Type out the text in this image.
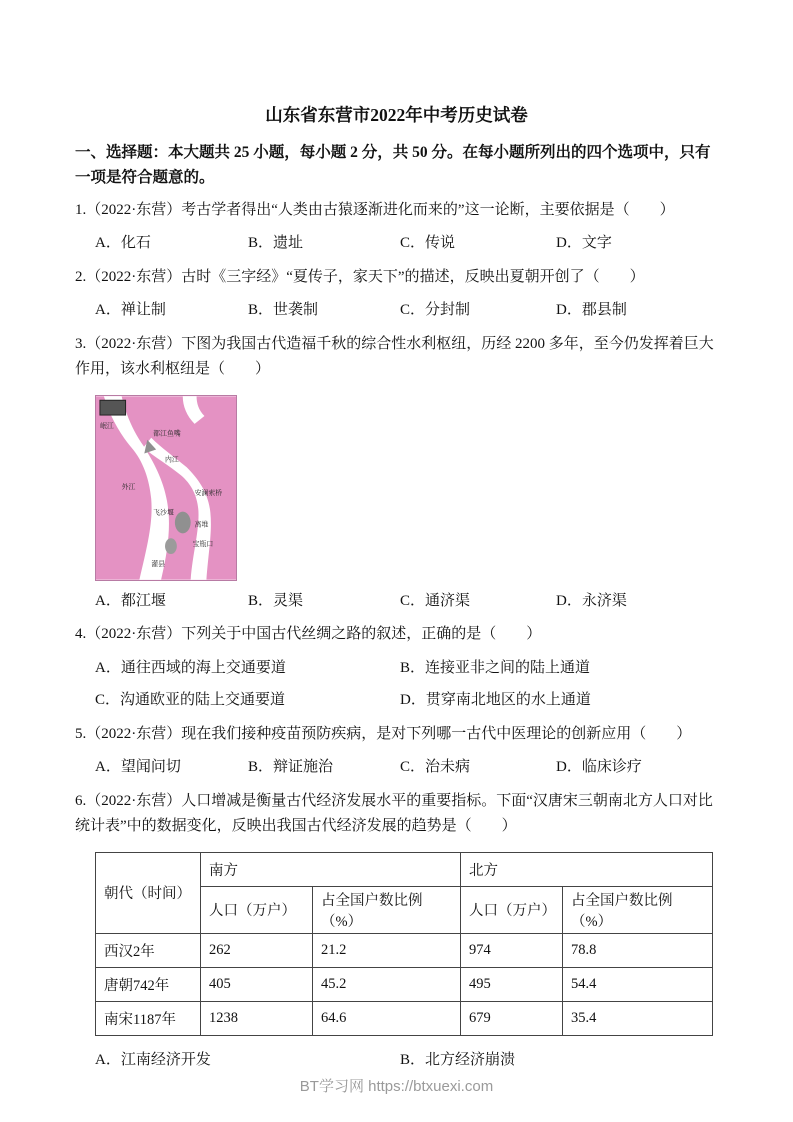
山东省东营市2022年中考历史试卷

一、选择题：本大题共 25 小题，每小题 2 分，共 50 分。在每小题所列出的四个选项中，只有一项是符合题意的。

1.（2022·东营）考古学者得出“人类由古猿逐渐进化而来的”这一论断，主要依据是（　　）

A．化石	B．遗址	C．传说	D．文字

2.（2022·东营）古时《三字经》“夏传子，家天下”的描述，反映出夏朝开创了（　　）

A．禅让制	B．世袭制	C．分封制	D．郡县制

3.（2022·东营）下图为我国古代造福千秋的综合性水利枢纽，历经 2200 多年，至今仍发挥着巨大作用，该水利枢纽是（　　）

岷江
都江鱼嘴
外江
内江
安澜索桥
飞沙堰
离堆
宝瓶口
灌县
A．都江堰	B．灵渠	C．通济渠	D．永济渠

4.（2022·东营）下列关于中国古代丝绸之路的叙述，正确的是（　　）

A．通往西域的海上交通要道	B．连接亚非之间的陆上通道
C．沟通欧亚的陆上交通要道	D．贯穿南北地区的水上通道

5.（2022·东营）现在我们接种疫苗预防疾病，是对下列哪一古代中医理论的创新应用（　　）

A．望闻问切	B．辩证施治	C．治未病	D．临床诊疗

6.（2022·东营）人口增减是衡量古代经济发展水平的重要指标。下面“汉唐宋三朝南北方人口对比统计表”中的数据变化，反映出我国古代经济发展的趋势是（　　）

朝代（时间）	南方		北方	
	人口（万户）	占全国户数比例（%）	人口（万户）	占全国户数比例（%）
西汉2年	262	21.2	974	78.8
唐朝742年	405	45.2	495	54.4
南宋1187年	1238	64.6	679	35.4
A．江南经济开发	B．北方经济崩溃
BT学习网 https://btxuexi.com
